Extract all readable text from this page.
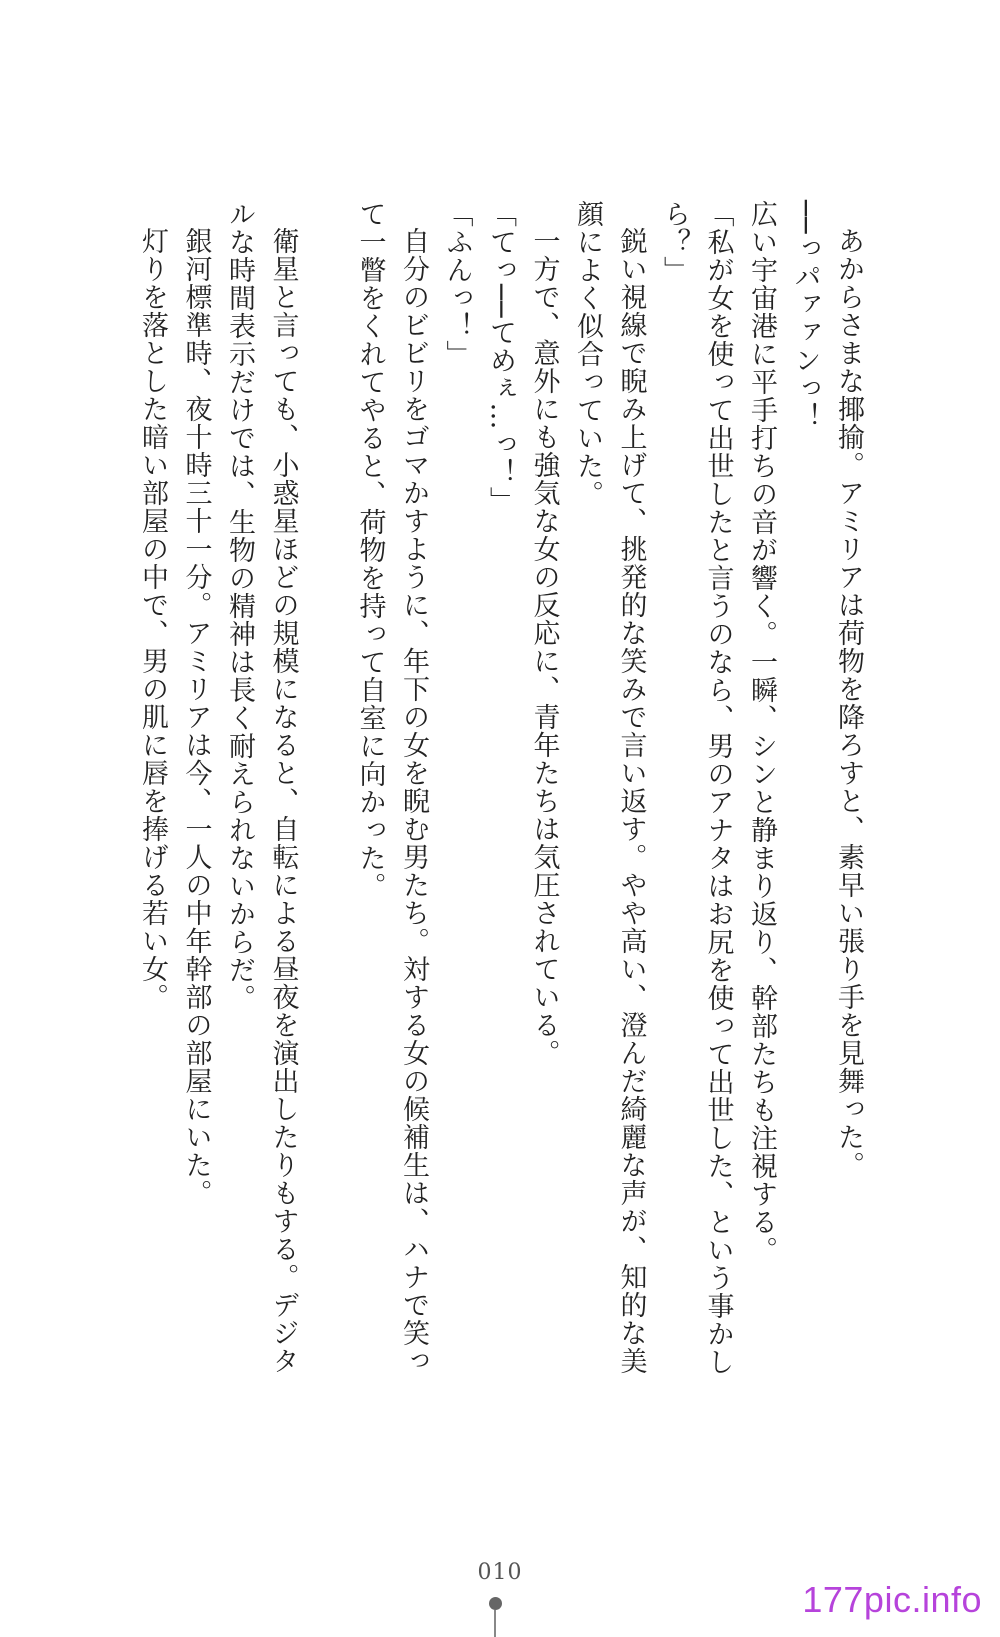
あからさまな揶揄。アミリアは荷物を降ろすと、素早い張り手を見舞った。

──っパァァンっ！

広い宇宙港に平手打ちの音が響く。一瞬、シンと静まり返り、幹部たちも注視する。

「私が女を使って出世したと言うのなら、男のアナタはお尻を使って出世した、という事かしら？」

鋭い視線で睨み上げて、挑発的な笑みで言い返す。やや高い、澄んだ綺麗な声が、知的な美顔によく似合っていた。

一方で、意外にも強気な女の反応に、青年たちは気圧されている。

「てっ──てめぇ…っ！」

「ふんっ！」

自分のビビリをゴマかすように、年下の女を睨む男たち。対する女の候補生は、ハナで笑って一瞥をくれてやると、荷物を持って自室に向かった。

衛星と言っても、小惑星ほどの規模になると、自転による昼夜を演出したりもする。デジタルな時間表示だけでは、生物の精神は長く耐えられないからだ。

銀河標準時、夜十時三十一分。アミリアは今、一人の中年幹部の部屋にいた。

灯りを落とした暗い部屋の中で、男の肌に唇を捧げる若い女。

010
177pic.info
